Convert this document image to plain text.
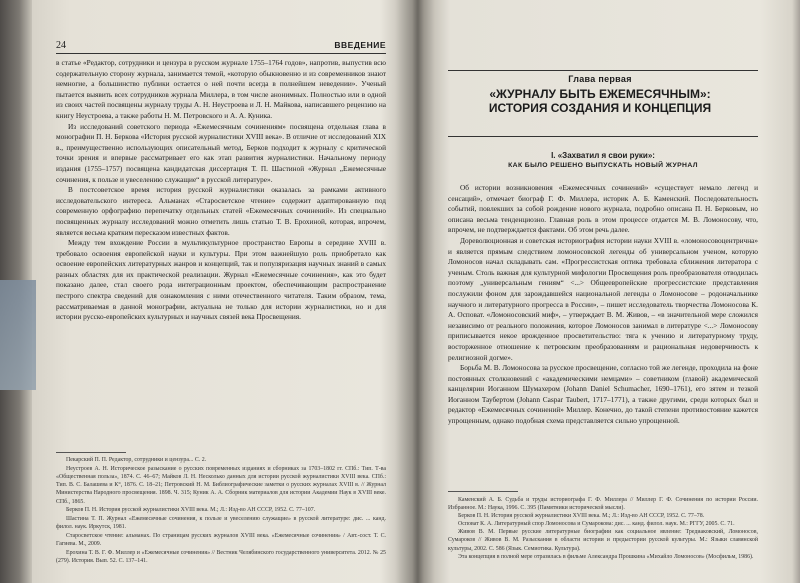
24	ВВЕДЕНИЕ

в статье «Редактор, сотрудники и цензура в русском журнале 1755–1764 годов», напротив, выпустив всю содержательную сторону журнала, занимается темой, «которую обыкновенно и из современников знают немногие, а большинство публики остается о ней почти всегда в полнейшем неведении». Ученый пытается выявить всех сотрудников журнала Миллера, в том числе анонимных. Полностью или в одной из своих частей посвящены журналу труды А. Н. Неустроева и Л. Н. Майкова, написавшего рецензию на книгу Неустроева, а также работы Н. М. Петровского и А. А. Куника.

Из исследований советского периода «Ежемесячным сочинениям» посвящена отдельная глава в монографии П. Н. Беркова «История русской журналистики XVIII века». В отличие от исследований XIX в., преимущественно использующих описательный метод, Берков подходит к журналу с критической точки зрения и впервые рассматривает его как этап развития журналистики. Начальному периоду издания (1755–1757) посвящена кандидатская диссертация Т. П. Шастиной «Журнал „Ежемесячные сочинения, к пользе и увеселению служащие“ в русской литературе».

В постсоветское время история русской журналистики оказалась за рамками активного исследовательского интереса. Альманах «Старосветское чтение» содержит адаптированную под современную орфографию перепечатку отдельных статей «Ежемесячных сочинений». Из специально посвященных журналу исследований можно отметить лишь статью Т. В. Ерохиной, которая, впрочем, является весьма кратким пересказом известных фактов.

Между тем вхождение России в мультикультурное пространство Европы в середине XVIII в. требовало освоения европейской науки и культуры. При этом важнейшую роль приобретало как освоение европейских литературных жанров и концепций, так и популяризация научных знаний в самых разных областях для их практической реализации. Журнал «Ежемесячные сочинения», как это будет показано далее, стал своего рода интеграционным проектом, обеспечивающим распространение пестрого спектра сведений для ознакомления с ними отечественного читателя. Таким образом, тема, рассматриваемая в данной монографии, актуальна не только для истории журналистики, но и для истории русско-европейских культурных и научных связей века Просвещения.

Пекарский П. П. Редактор, сотрудники и цензура... С. 2.

Неустроев А. Н. Историческое разыскание о русских повременных изданиях и сборниках за 1703–1802 гг. СПб.: Тип. Т-ва «Общественная польза», 1874. С. 46–67; Майков Л. Н. Несколько данных для истории русской журналистики XVIII века. СПб.: Тип. В. С. Балашева и К°, 1876. С. 18–21; Петровский Н. М. Библиографические заметки о русских журналах XVIII в. // Журнал Министерства Народного просвещения. 1898. Ч. 315; Куник А. А. Сборник материалов для истории Академии Наук в XVIII веке. СПб., 1865.

Берков П. Н. История русской журналистики XVIII века. М.; Л.: Изд-во АН СССР, 1952. С. 77–107.

Шастина Т. П. Журнал «Ежемесячные сочинения, к пользе и увеселению служащие» в русской литературе: дис. ... канд. филол. наук. Иркутск, 1981.

Старосветское чтение: альманах. По страницам русских журналов XVIII века. «Ежемесячные сочинения» / Авт.-сост. Т. С. Гагиева. М., 2009.

Ерохина Т. В. Г. Ф. Миллер и «Ежемесячные сочинения» // Вестник Челябинского государственного университета. 2012. № 25 (279). История. Вып. 52. С. 137–141.

Глава первая
«ЖУРНАЛУ БЫТЬ ЕЖЕМЕСЯЧНЫМ»: ИСТОРИЯ СОЗДАНИЯ И КОНЦЕПЦИЯ
I. «Захватил я свои руки»:
КАК БЫЛО РЕШЕНО ВЫПУСКАТЬ НОВЫЙ ЖУРНАЛ

Об истории возникновения «Ежемесячных сочинений» «существует немало легенд и сенсаций», отмечает биограф Г. Ф. Миллера, историк А. Б. Каменский. Последовательность событий, повлекших за собой рождение нового журнала, подробно описана П. Н. Берковым, но описана весьма тенденциозно. Главная роль в этом процессе отдается М. В. Ломоносову, что, впрочем, не подтверждается фактами. Об этом речь далее.

Дореволюционная и советская историография истории науки XVIII в. «ломоносовоцентрична» и является прямым следствием ломоносовской легенды об универсальном ученом, которую Ломоносов начал складывать сам. «Прогрессистская оптика требовала сближения литератора с ученым. Столь важная для культурной мифологии Просвещения роль преобразователя отводилась поэтому „универсальным гениям“ <...> Общеевропейские прогрессистские представления послужили фоном для зарождавшейся национальной легенды о Ломоносове – родоначальнике научного и литературного прогресса в России», – пишет исследователь творчества Ломоносова К. А. Осповат. «Ломоносовский миф», – утверждает В. М. Живов, – «в значительной мере сложился независимо от реального положения, которое Ломоносов занимал в литературе <...> Ломоносову приписывается некое врожденное просветительство: тяга к учению и литературному труду, восторженное отношение к петровским преобразованиям и рациональная недоверчивость к религиозной догме».

Борьба М. В. Ломоносова за русское просвещение, согласно той же легенде, проходила на фоне постоянных столкновений с «академическими немцами» – советником (главой) академической канцелярии Иоганном Шумахером (Johann Daniel Schumacher, 1690–1761), его зятем и тезкой Иоганном Таубертом (Johann Caspar Taubert, 1717–1771), а также другими, среди которых был и редактор «Ежемесячных сочинений» Миллер. Конечно, до такой степени противостояние кажется упрощенным, однако подобная схема представляется сильно упрощенной.

Каменский А. Б. Судьба и труды историографа Г. Ф. Миллера // Миллер Г. Ф. Сочинения по истории России. Избранное. М.: Наука, 1996. С. 395 (Памятники исторической мысли).

Берков П. Н. История русской журналистики XVIII века. М.; Л.: Изд-во АН СССР, 1952. С. 77–78.

Осповат К. А. Литературный спор Ломоносова и Сумарокова: дис. ... канд. филол. наук. М.: РГГУ, 2005. С. 71.

Живов В. М. Первые русские литературные биографии как социальное явление: Тредиаковский, Ломоносов, Сумароков // Живов В. М. Разыскания в области истории и предыстории русской культуры. М.: Языки славянской культуры, 2002. С. 586 (Язык. Семиотика. Культура).

Эта концепция в полной мере отразилась в фильме Александра Прошкина «Михайло Ломоносов» (Мосфильм, 1986).
